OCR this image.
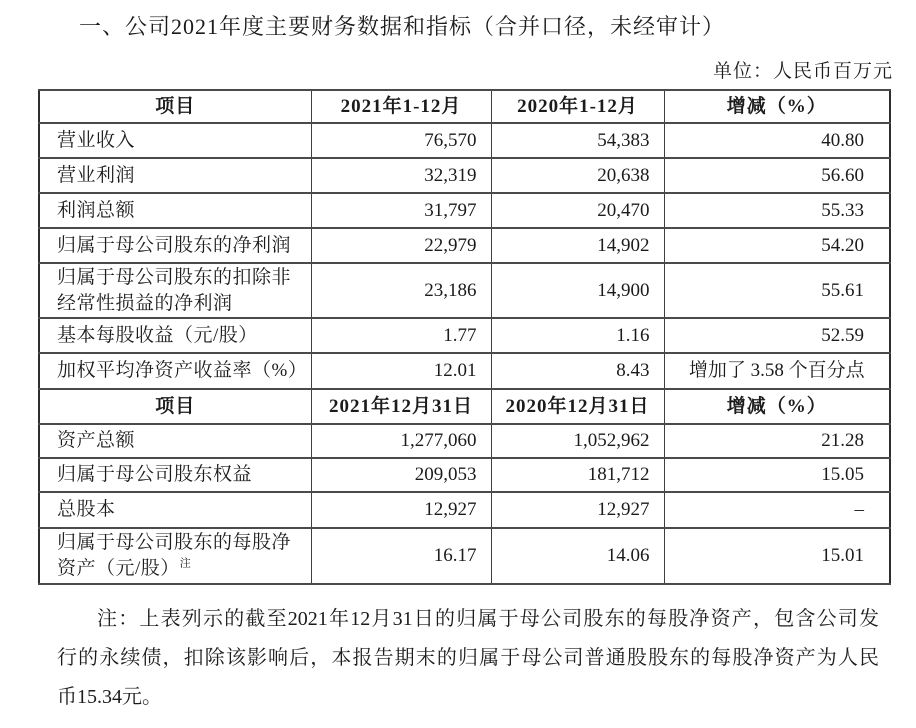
一、公司2021年度主要财务数据和指标（合并口径，未经审计）
单位：人民币百万元
项目	2021年1-12月	2020年1-12月	增减（%）
营业收入	76,570	54,383	40.80
营业利润	32,319	20,638	56.60
利润总额	31,797	20,470	55.33
归属于母公司股东的净利润	22,979	14,902	54.20
归属于母公司股东的扣除非经常性损益的净利润	23,186	14,900	55.61
基本每股收益（元/股）	1.77	1.16	52.59
加权平均净资产收益率（%）	12.01	8.43	增加了 3.58 个百分点
项目	2021年12月31日	2020年12月31日	增减（%）
资产总额	1,277,060	1,052,962	21.28
归属于母公司股东权益	209,053	181,712	15.05
总股本	12,927	12,927	–
归属于母公司股东的每股净资产（元/股）$^注$	16.17	14.06	15.01
注：上表列示的截至2021年12月31日的归属于母公司股东的每股净资产，包含公司发
行的永续债，扣除该影响后，本报告期末的归属于母公司普通股股东的每股净资产为人民
币15.34元。
